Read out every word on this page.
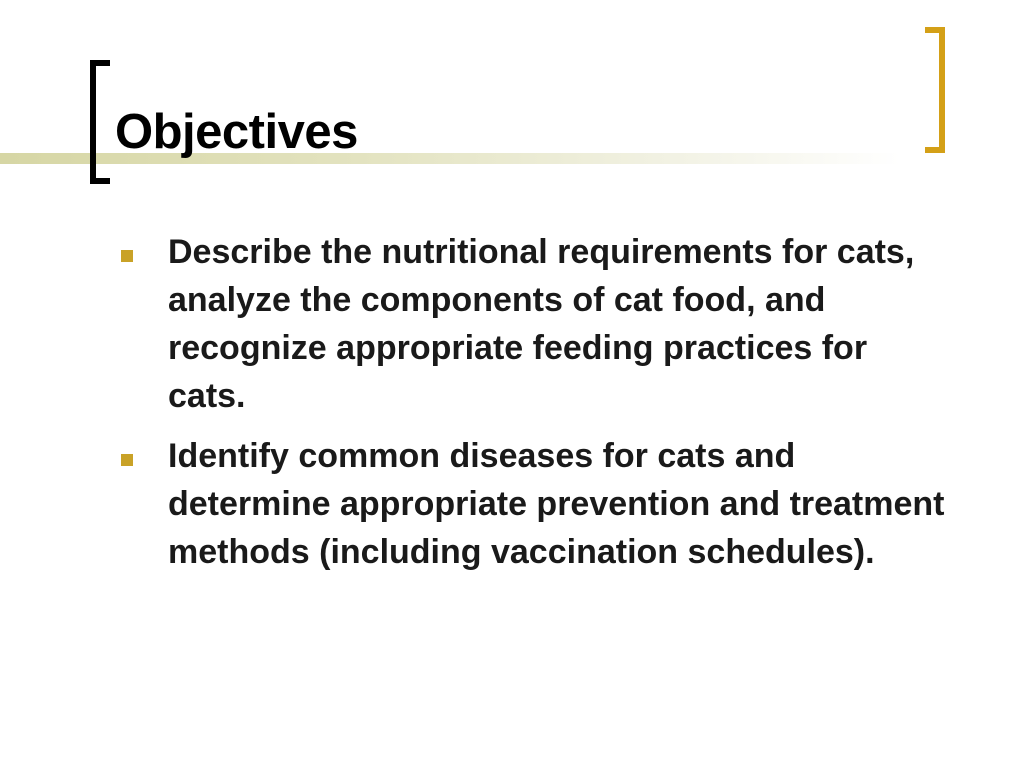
Objectives
Describe the nutritional requirements for cats, analyze the components of cat food, and recognize appropriate feeding practices for cats.
Identify common diseases for cats and determine appropriate prevention and treatment methods (including vaccination schedules).
